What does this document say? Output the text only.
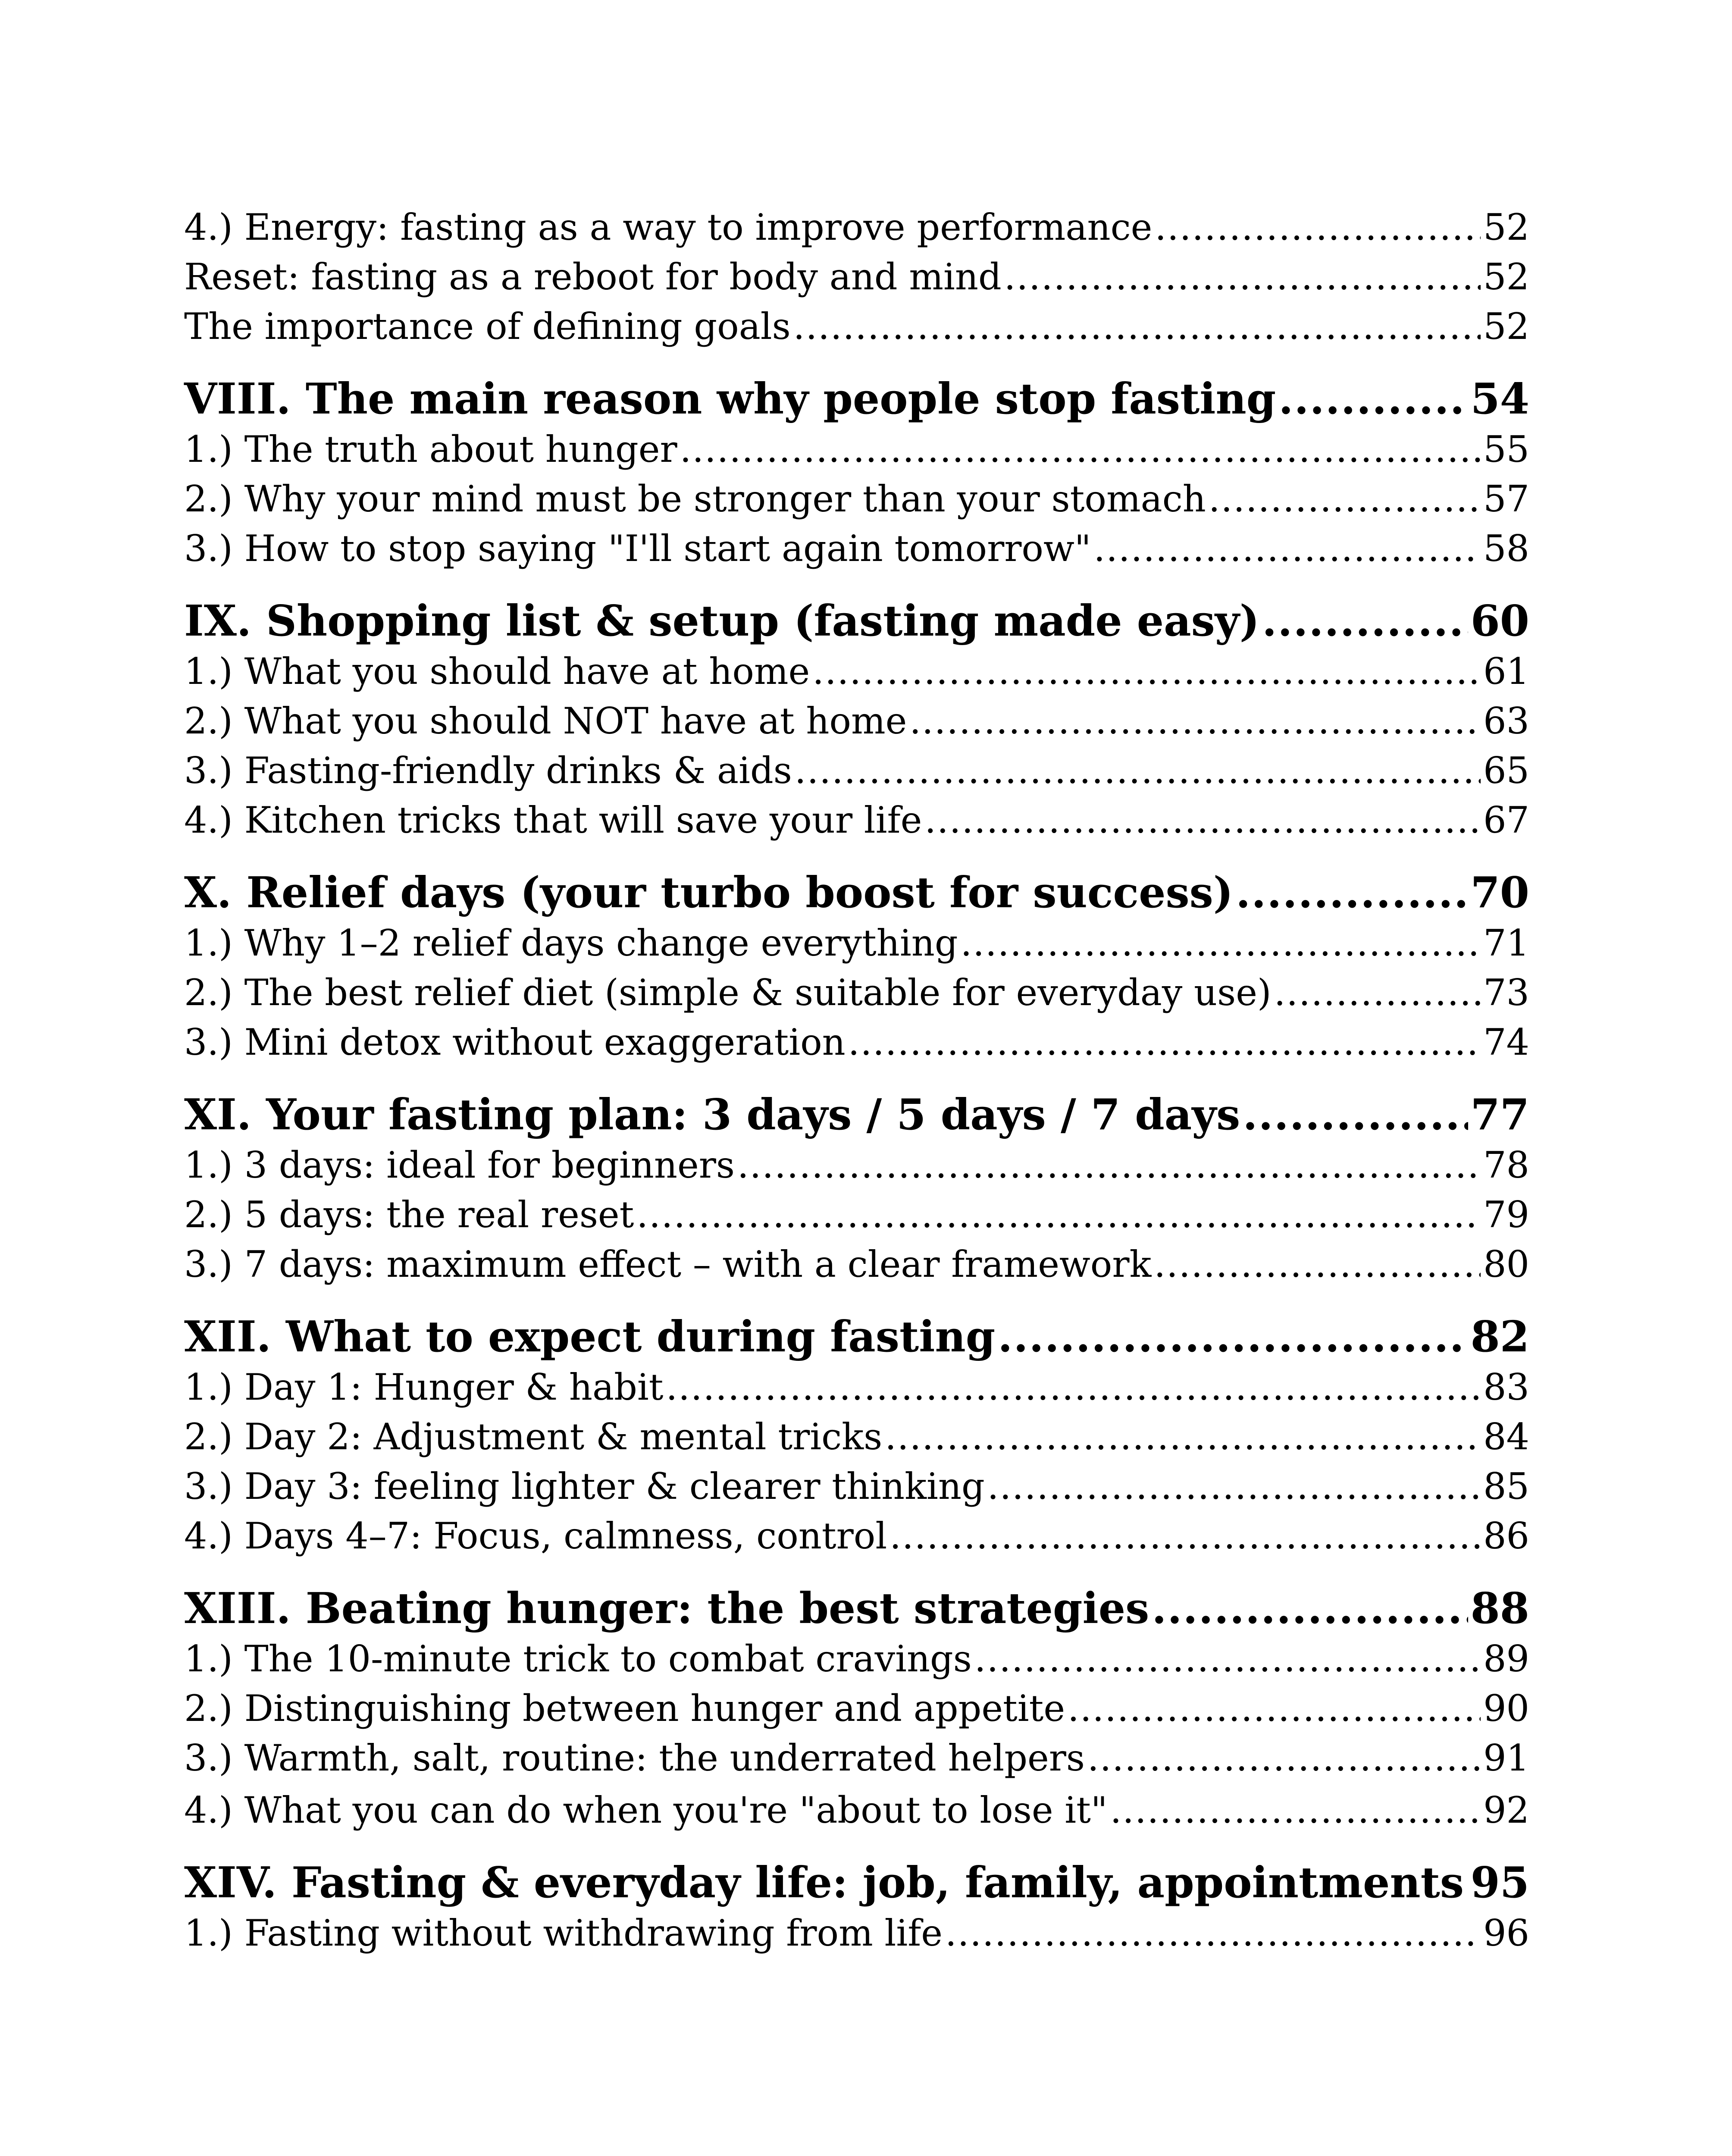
4.) Energy: fasting as a way to improve performance .....	52
Reset: fasting as a reboot for body and mind .....	52
The importance of defining goals .....	52
VIII. The main reason why people stop fasting .....	54
1.) The truth about hunger .....	55
2.) Why your mind must be stronger than your stomach .....	57
3.) How to stop saying "I'll start again tomorrow" .....	58
IX. Shopping list & setup (fasting made easy) .....	60
1.) What you should have at home .....	61
2.) What you should NOT have at home .....	63
3.) Fasting-friendly drinks & aids .....	65
4.) Kitchen tricks that will save your life .....	67
X. Relief days (your turbo boost for success) .....	70
1.) Why 1–2 relief days change everything .....	71
2.) The best relief diet (simple & suitable for everyday use) .....	73
3.) Mini detox without exaggeration .....	74
XI. Your fasting plan: 3 days / 5 days / 7 days .....	77
1.) 3 days: ideal for beginners .....	78
2.) 5 days: the real reset .....	79
3.) 7 days: maximum effect – with a clear framework .....	80
XII. What to expect during fasting .....	82
1.) Day 1: Hunger & habit .....	83
2.) Day 2: Adjustment & mental tricks .....	84
3.) Day 3: feeling lighter & clearer thinking .....	85
4.) Days 4–7: Focus, calmness, control .....	86
XIII. Beating hunger: the best strategies .....	88
1.) The 10-minute trick to combat cravings .....	89
2.) Distinguishing between hunger and appetite .....	90
3.) Warmth, salt, routine: the underrated helpers .....	91
4.) What you can do when you're "about to lose it" .....	92
XIV. Fasting & everyday life: job, family, appointments ..... 95
1.) Fasting without withdrawing from life .....	96
